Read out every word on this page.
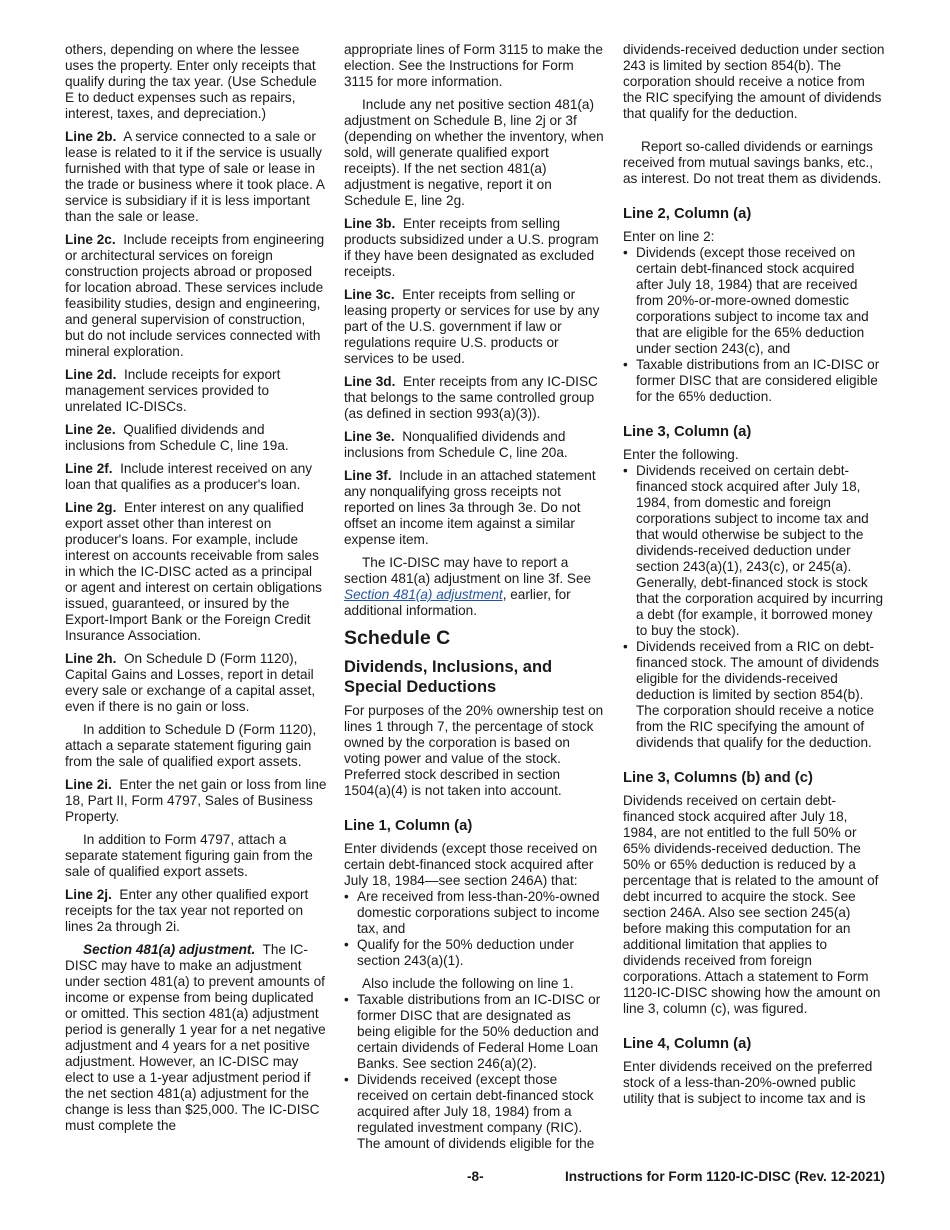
others, depending on where the lessee uses the property. Enter only receipts that qualify during the tax year. (Use Schedule E to deduct expenses such as repairs, interest, taxes, and depreciation.)

Line 2b. A service connected to a sale or lease is related to it if the service is usually furnished with that type of sale or lease in the trade or business where it took place. A service is subsidiary if it is less important than the sale or lease.

Line 2c. Include receipts from engineering or architectural services on foreign construction projects abroad or proposed for location abroad. These services include feasibility studies, design and engineering, and general supervision of construction, but do not include services connected with mineral exploration.

Line 2d. Include receipts for export management services provided to unrelated IC-DISCs.

Line 2e. Qualified dividends and inclusions from Schedule C, line 19a.

Line 2f. Include interest received on any loan that qualifies as a producer's loan.

Line 2g. Enter interest on any qualified export asset other than interest on producer's loans. For example, include interest on accounts receivable from sales in which the IC-DISC acted as a principal or agent and interest on certain obligations issued, guaranteed, or insured by the Export-Import Bank or the Foreign Credit Insurance Association.

Line 2h. On Schedule D (Form 1120), Capital Gains and Losses, report in detail every sale or exchange of a capital asset, even if there is no gain or loss.

In addition to Schedule D (Form 1120), attach a separate statement figuring gain from the sale of qualified export assets.

Line 2i. Enter the net gain or loss from line 18, Part II, Form 4797, Sales of Business Property.

In addition to Form 4797, attach a separate statement figuring gain from the sale of qualified export assets.

Line 2j. Enter any other qualified export receipts for the tax year not reported on lines 2a through 2i.

Section 481(a) adjustment. The IC-DISC may have to make an adjustment under section 481(a) to prevent amounts of income or expense from being duplicated or omitted. This section 481(a) adjustment period is generally 1 year for a net negative adjustment and 4 years for a net positive adjustment. However, an IC-DISC may elect to use a 1-year adjustment period if the net section 481(a) adjustment for the change is less than $25,000. The IC-DISC must complete the

appropriate lines of Form 3115 to make the election. See the Instructions for Form 3115 for more information.

Include any net positive section 481(a) adjustment on Schedule B, line 2j or 3f (depending on whether the inventory, when sold, will generate qualified export receipts). If the net section 481(a) adjustment is negative, report it on Schedule E, line 2g.

Line 3b. Enter receipts from selling products subsidized under a U.S. program if they have been designated as excluded receipts.

Line 3c. Enter receipts from selling or leasing property or services for use by any part of the U.S. government if law or regulations require U.S. products or services to be used.

Line 3d. Enter receipts from any IC-DISC that belongs to the same controlled group (as defined in section 993(a)(3)).

Line 3e. Nonqualified dividends and inclusions from Schedule C, line 20a.

Line 3f. Include in an attached statement any nonqualifying gross receipts not reported on lines 3a through 3e. Do not offset an income item against a similar expense item.

The IC-DISC may have to report a section 481(a) adjustment on line 3f. See Section 481(a) adjustment, earlier, for additional information.

Schedule C
Dividends, Inclusions, and Special Deductions

For purposes of the 20% ownership test on lines 1 through 7, the percentage of stock owned by the corporation is based on voting power and value of the stock. Preferred stock described in section 1504(a)(4) is not taken into account.

Line 1, Column (a)

Enter dividends (except those received on certain debt-financed stock acquired after July 18, 1984—see section 246A) that:

• Are received from less-than-20%-owned domestic corporations subject to income tax, and

• Qualify for the 50% deduction under section 243(a)(1).

Also include the following on line 1.

• Taxable distributions from an IC-DISC or former DISC that are designated as being eligible for the 50% deduction and certain dividends of Federal Home Loan Banks. See section 246(a)(2).

• Dividends received (except those received on certain debt-financed stock acquired after July 18, 1984) from a regulated investment company (RIC). The amount of dividends eligible for the

dividends-received deduction under section 243 is limited by section 854(b). The corporation should receive a notice from the RIC specifying the amount of dividends that qualify for the deduction.

Report so-called dividends or earnings received from mutual savings banks, etc., as interest. Do not treat them as dividends.

Line 2, Column (a)

Enter on line 2:

• Dividends (except those received on certain debt-financed stock acquired after July 18, 1984) that are received from 20%-or-more-owned domestic corporations subject to income tax and that are eligible for the 65% deduction under section 243(c), and

• Taxable distributions from an IC-DISC or former DISC that are considered eligible for the 65% deduction.

Line 3, Column (a)

Enter the following.

• Dividends received on certain debt-financed stock acquired after July 18, 1984, from domestic and foreign corporations subject to income tax and that would otherwise be subject to the dividends-received deduction under section 243(a)(1), 243(c), or 245(a). Generally, debt-financed stock is stock that the corporation acquired by incurring a debt (for example, it borrowed money to buy the stock).

• Dividends received from a RIC on debt-financed stock. The amount of dividends eligible for the dividends-received deduction is limited by section 854(b). The corporation should receive a notice from the RIC specifying the amount of dividends that qualify for the deduction.

Line 3, Columns (b) and (c)

Dividends received on certain debt-financed stock acquired after July 18, 1984, are not entitled to the full 50% or 65% dividends-received deduction. The 50% or 65% deduction is reduced by a percentage that is related to the amount of debt incurred to acquire the stock. See section 246A. Also see section 245(a) before making this computation for an additional limitation that applies to dividends received from foreign corporations. Attach a statement to Form 1120-IC-DISC showing how the amount on line 3, column (c), was figured.

Line 4, Column (a)

Enter dividends received on the preferred stock of a less-than-20%-owned public utility that is subject to income tax and is

-8-	Instructions for Form 1120-IC-DISC (Rev. 12-2021)
